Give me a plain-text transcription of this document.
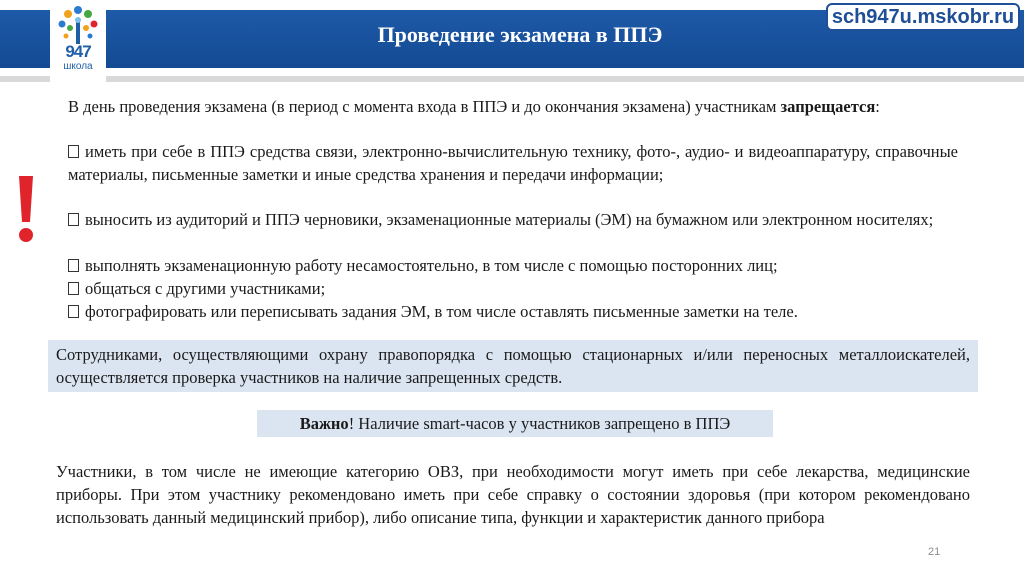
Проведение экзамена в ППЭ
sch947u.mskobr.ru
947
школа
В день проведения экзамена (в период с момента входа в ППЭ и до окончания экзамена) участникам запрещается:
иметь при себе в ППЭ средства связи, электронно-вычислительную технику, фото-, аудио- и видеоаппаратуру, справочные материалы, письменные заметки и иные средства хранения и передачи информации;
выносить из аудиторий и ППЭ черновики, экзаменационные материалы (ЭМ) на бумажном или электронном носителях;
выполнять экзаменационную работу несамостоятельно, в том числе с помощью посторонних лиц;
общаться с другими участниками;
фотографировать или переписывать задания ЭМ, в том числе оставлять письменные заметки на теле.
Сотрудниками, осуществляющими охрану правопорядка с помощью стационарных и/или переносных металлоискателей, осуществляется проверка участников на наличие запрещенных средств.
Важно! Наличие smart-часов у участников запрещено в ППЭ
Участники, в том числе не имеющие категорию ОВЗ, при необходимости могут иметь при себе лекарства, медицинские приборы. При этом участнику рекомендовано иметь при себе справку о состоянии здоровья (при котором рекомендовано использовать данный медицинский прибор), либо описание типа, функции и характеристик данного прибора
21
